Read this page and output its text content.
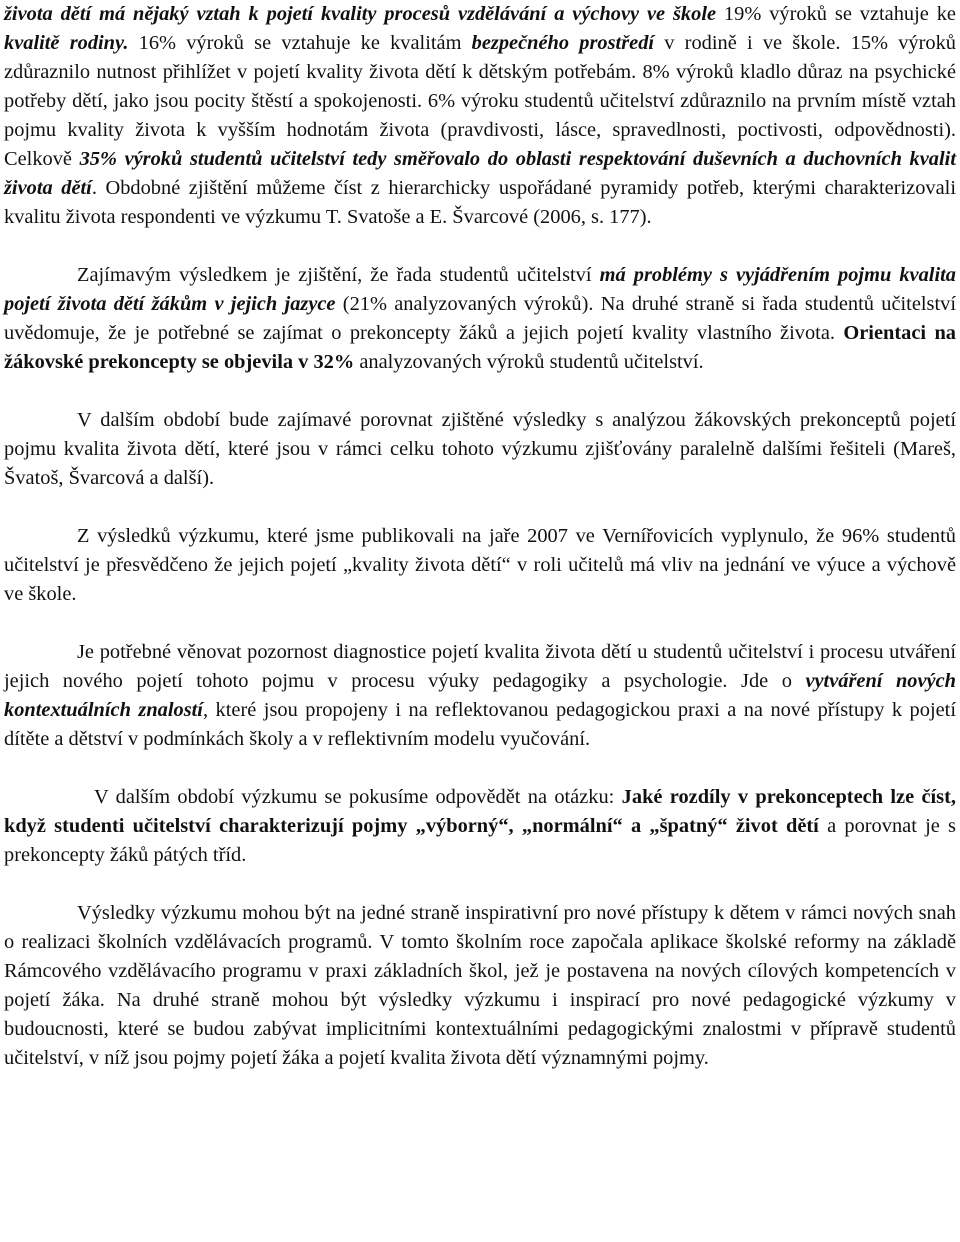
života dětí má nějaký vztah k pojetí kvality procesů vzdělávání a výchovy ve škole 19% výroků se vztahuje ke kvalitě rodiny. 16% výroků se vztahuje ke kvalitám bezpečného prostředí v rodině i ve škole. 15% výroků zdůraznilo nutnost přihlížet v pojetí kvality života dětí k dětským potřebám. 8% výroků kladlo důraz na psychické potřeby dětí, jako jsou pocity štěstí a spokojenosti. 6% výroku studentů učitelství zdůraznilo na prvním místě vztah pojmu kvality života k vyšším hodnotám života (pravdivosti, lásce, spravedlnosti, poctivosti, odpovědnosti). Celkově 35% výroků studentů učitelství tedy směřovalo do oblasti respektování duševních a duchovních kvalit života dětí. Obdobné zjištění můžeme číst z hierarchicky uspořádané pyramidy potřeb, kterými charakterizovali kvalitu života respondenti ve výzkumu T. Svatoše a E. Švarcové (2006, s. 177).

Zajímavým výsledkem je zjištění, že řada studentů učitelství má problémy s vyjádřením pojmu kvalita pojetí života dětí žákům v jejich jazyce (21% analyzovaných výroků). Na druhé straně si řada studentů učitelství uvědomuje, že je potřebné se zajímat o prekoncepty žáků a jejich pojetí kvality vlastního života. Orientaci na žákovské prekoncepty se objevila v 32% analyzovaných výroků studentů učitelství.

V dalším období bude zajímavé porovnat zjištěné výsledky s analýzou žákovských prekonceptů pojetí pojmu kvalita života dětí, které jsou v rámci celku tohoto výzkumu zjišťovány paralelně dalšími řešiteli (Mareš, Švatoš, Švarcová a další).

Z výsledků výzkumu, které jsme publikovali na jaře 2007 ve Vernířovicích vyplynulo, že 96% studentů učitelství je přesvědčeno že jejich pojetí „kvality života dětí“ v roli učitelů má vliv na jednání ve výuce a výchově ve škole.

Je potřebné věnovat pozornost diagnostice pojetí kvalita života dětí u studentů učitelství i procesu utváření jejich nového pojetí tohoto pojmu v procesu výuky pedagogiky a psychologie. Jde o vytváření nových kontextuálních znalostí, které jsou propojeny i na reflektovanou pedagogickou praxi a na nové přístupy k pojetí dítěte a dětství v podmínkách školy a v reflektivním modelu vyučování.

V dalším období výzkumu se pokusíme odpovědět na otázku: Jaké rozdíly v prekonceptech lze číst, když studenti učitelství charakterizují pojmy „výborný“, „normální“ a „špatný“ život dětí a porovnat je s prekoncepty žáků pátých tříd.

Výsledky výzkumu mohou být na jedné straně inspirativní pro nové přístupy k dětem v rámci nových snah o realizaci školních vzdělávacích programů. V tomto školním roce započala aplikace školské reformy na základě Rámcového vzdělávacího programu v praxi základních škol, jež je postavena na nových cílových kompetencích v pojetí žáka. Na druhé straně mohou být výsledky výzkumu i inspirací pro nové pedagogické výzkumy v budoucnosti, které se budou zabývat implicitními kontextuálními pedagogickými znalostmi v přípravě studentů učitelství, v níž jsou pojmy pojetí žáka a pojetí kvalita života dětí významnými pojmy.
